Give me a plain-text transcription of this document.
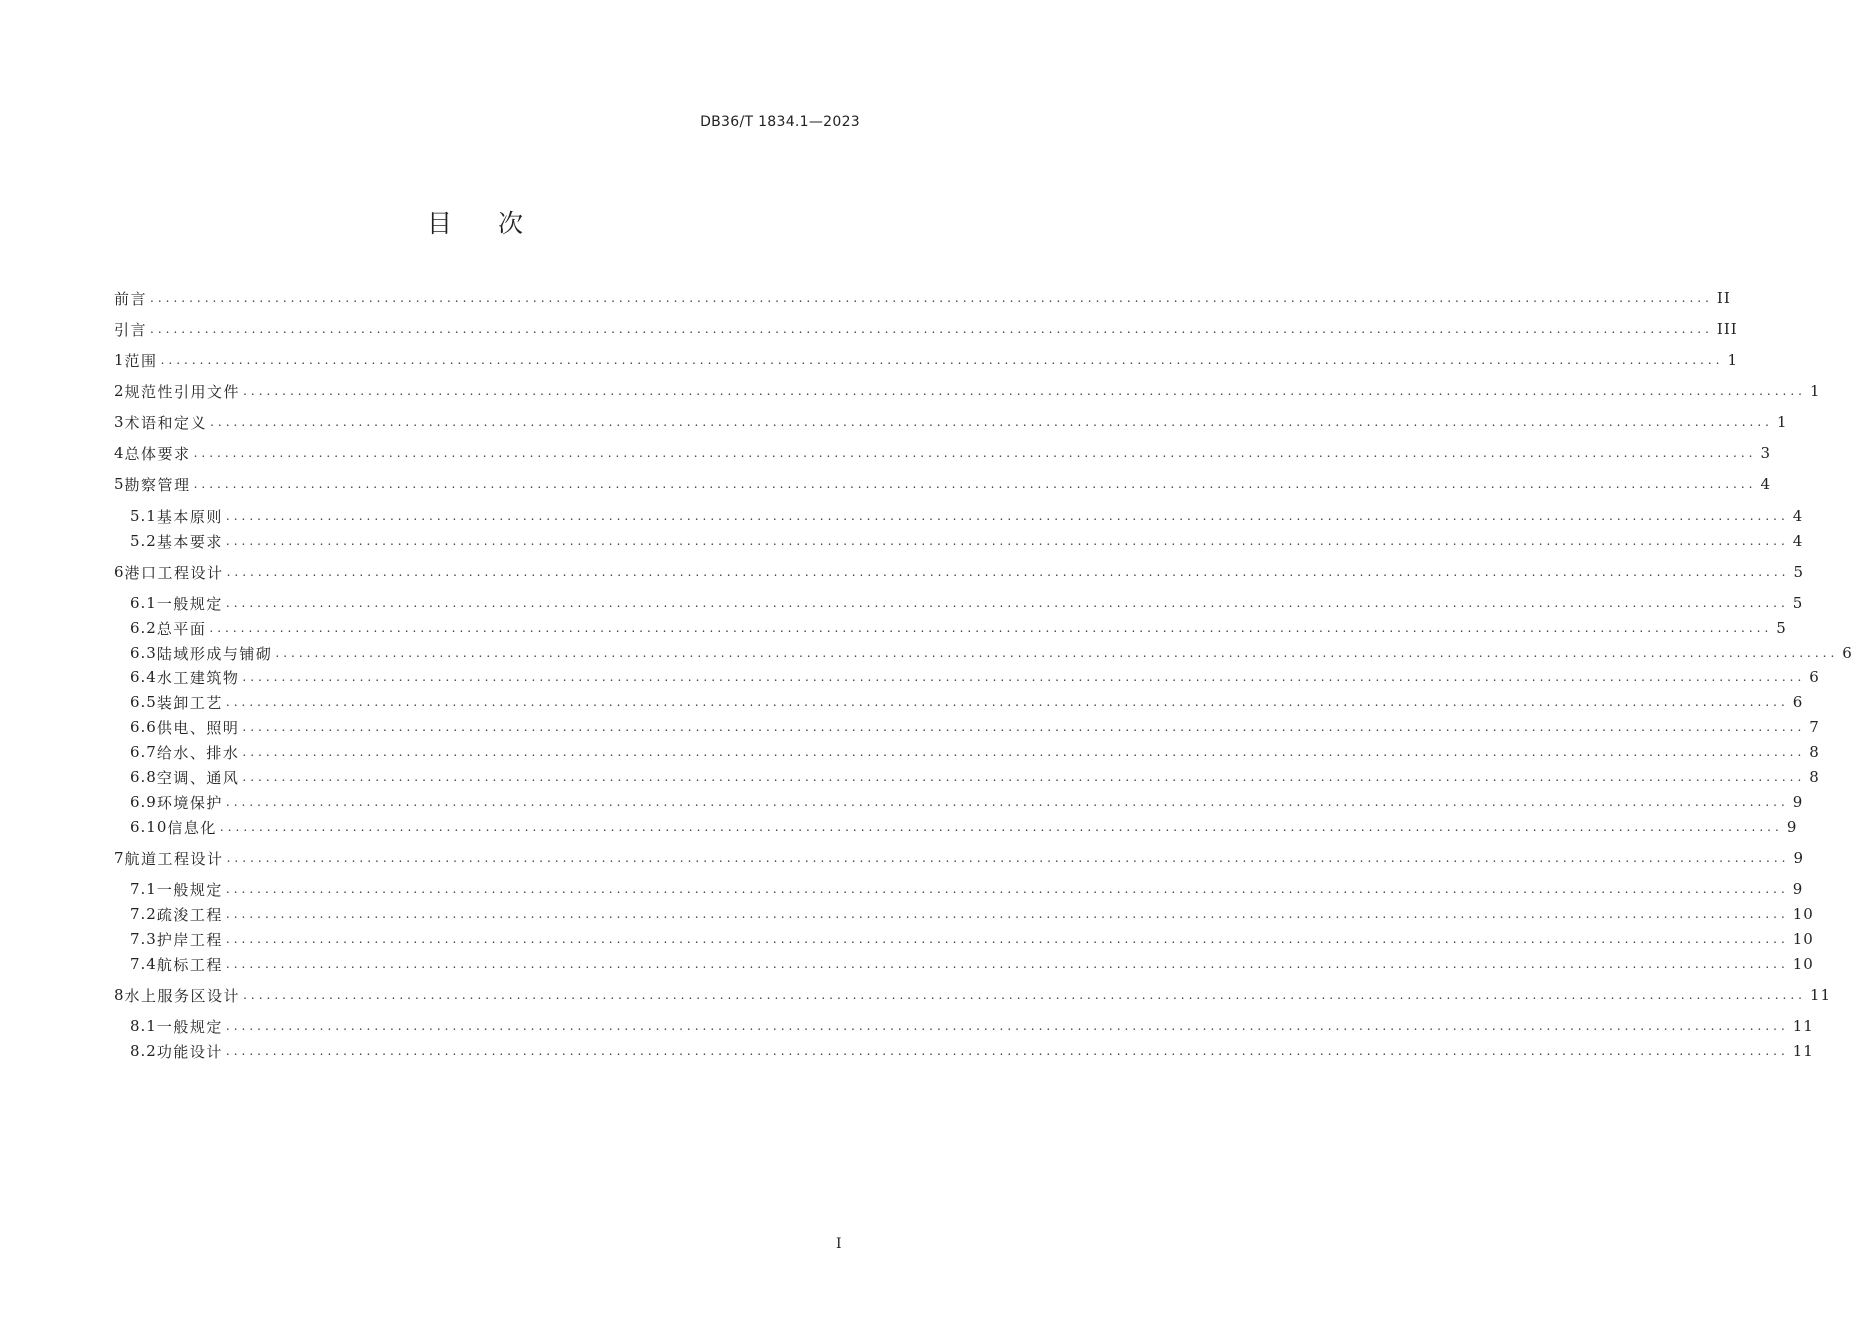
DB36/T 1834.1—2023
目次
前言 ........................................................................................................................................................................................................ II
引言 ........................................................................................................................................................................................................ III
1 范围 ........................................................................................................................................................................................................ 1
2 规范性引用文件 ........................................................................................................................................................................................................ 1
3 术语和定义 ........................................................................................................................................................................................................ 1
4 总体要求 ........................................................................................................................................................................................................ 3
5 勘察管理 ........................................................................................................................................................................................................ 4
5.1 基本原则 ........................................................................................................................................................................................................ 4
5.2 基本要求 ........................................................................................................................................................................................................ 4
6 港口工程设计 ........................................................................................................................................................................................................ 5
6.1 一般规定 ........................................................................................................................................................................................................ 5
6.2 总平面 ........................................................................................................................................................................................................ 5
6.3 陆域形成与铺砌 ........................................................................................................................................................................................................ 6
6.4 水工建筑物 ........................................................................................................................................................................................................ 6
6.5 装卸工艺 ........................................................................................................................................................................................................ 6
6.6 供电、照明 ........................................................................................................................................................................................................ 7
6.7 给水、排水 ........................................................................................................................................................................................................ 8
6.8 空调、通风 ........................................................................................................................................................................................................ 8
6.9 环境保护 ........................................................................................................................................................................................................ 9
6.10 信息化 ........................................................................................................................................................................................................ 9
7 航道工程设计 ........................................................................................................................................................................................................ 9
7.1 一般规定 ........................................................................................................................................................................................................ 9
7.2 疏浚工程 ........................................................................................................................................................................................................ 10
7.3 护岸工程 ........................................................................................................................................................................................................ 10
7.4 航标工程 ........................................................................................................................................................................................................ 10
8 水上服务区设计 ........................................................................................................................................................................................................ 11
8.1 一般规定 ........................................................................................................................................................................................................ 11
8.2 功能设计 ........................................................................................................................................................................................................ 11
I
